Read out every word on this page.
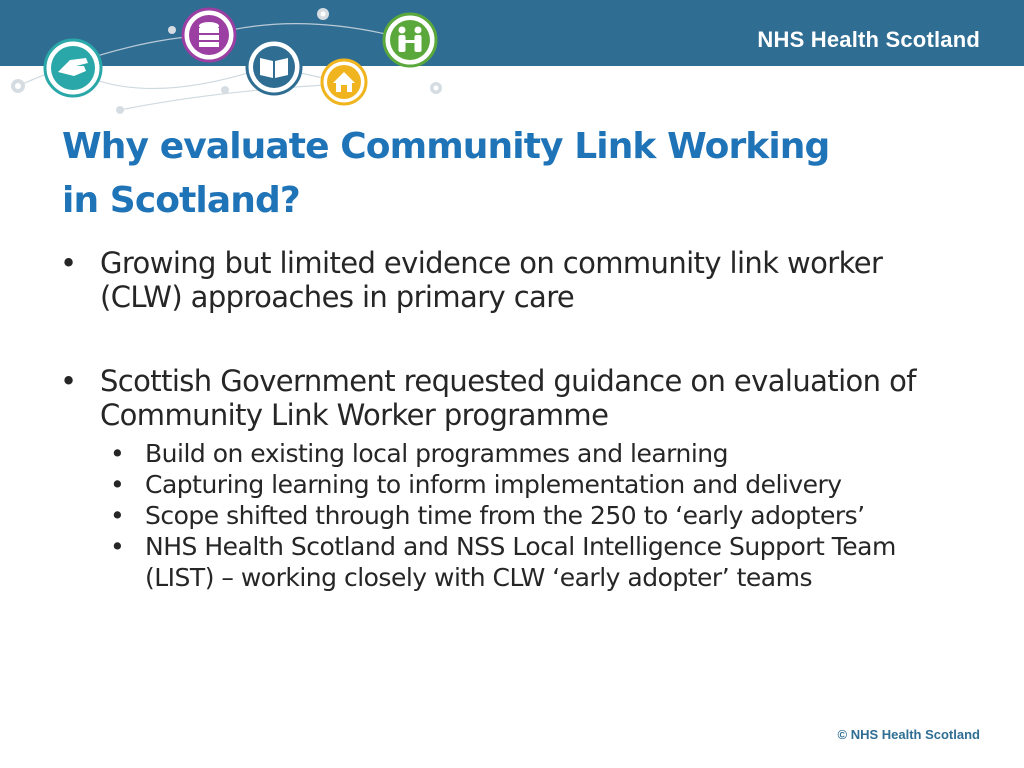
NHS Health Scotland
Why evaluate Community Link Working
in Scotland?
• Growing but limited evidence on community link worker (CLW) approaches in primary care
• Scottish Government requested guidance on evaluation of Community Link Worker programme
• Build on existing local programmes and learning
• Capturing learning to inform implementation and delivery
• Scope shifted through time from the 250 to ‘early adopters’
• NHS Health Scotland and NSS Local Intelligence Support Team (LIST) – working closely with CLW ‘early adopter’ teams
© NHS Health Scotland
